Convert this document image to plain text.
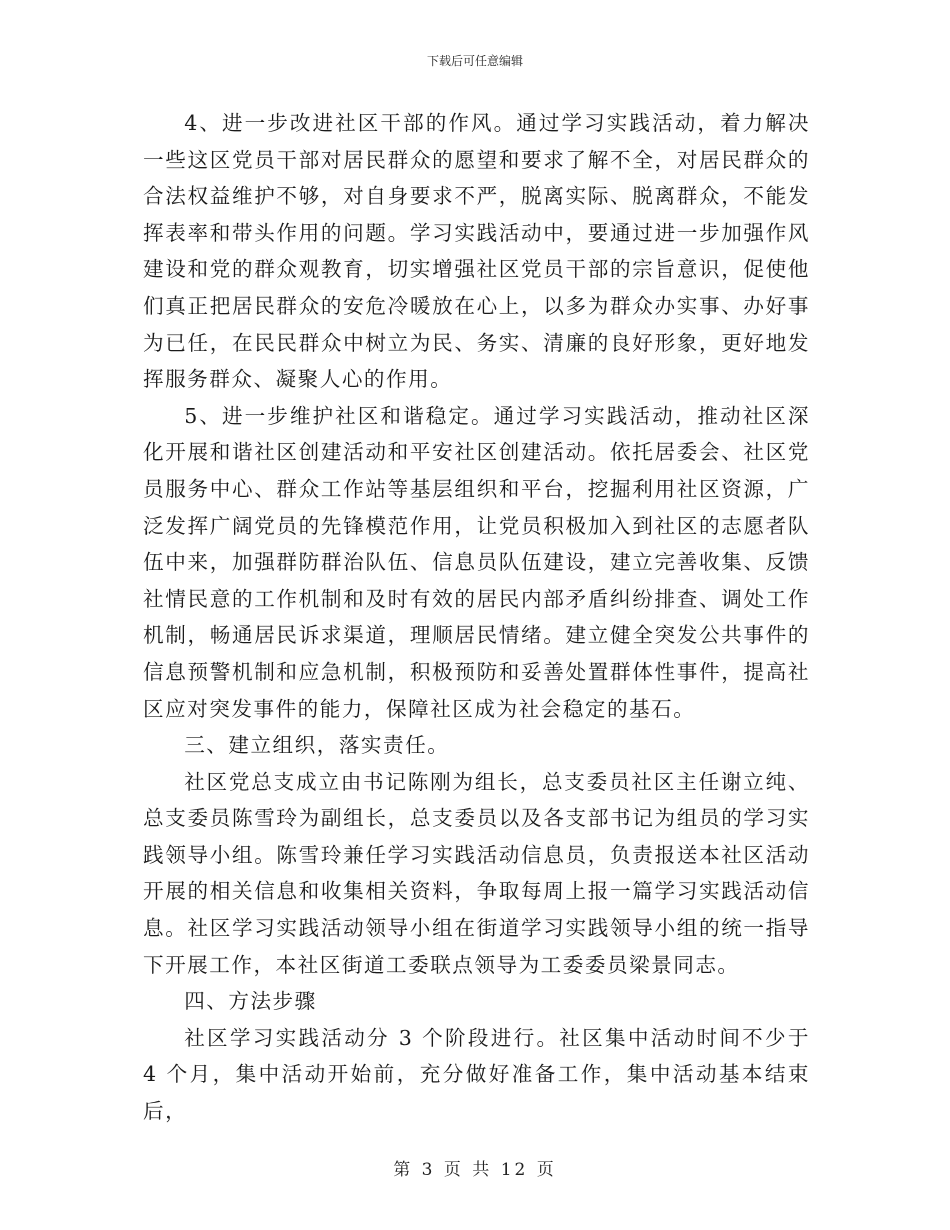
下载后可任意编辑

4、进一步改进社区干部的作风。通过学习实践活动，着力解决一些这区党员干部对居民群众的愿望和要求了解不全，对居民群众的合法权益维护不够，对自身要求不严，脱离实际、脱离群众，不能发挥表率和带头作用的问题。学习实践活动中，要通过进一步加强作风建设和党的群众观教育，切实增强社区党员干部的宗旨意识，促使他们真正把居民群众的安危冷暖放在心上，以多为群众办实事、办好事为已任，在民民群众中树立为民、务实、清廉的良好形象，更好地发挥服务群众、凝聚人心的作用。

5、进一步维护社区和谐稳定。通过学习实践活动，推动社区深化开展和谐社区创建活动和平安社区创建活动。依托居委会、社区党员服务中心、群众工作站等基层组织和平台，挖掘利用社区资源，广泛发挥广阔党员的先锋模范作用，让党员积极加入到社区的志愿者队伍中来，加强群防群治队伍、信息员队伍建设，建立完善收集、反馈社情民意的工作机制和及时有效的居民内部矛盾纠纷排查、调处工作机制，畅通居民诉求渠道，理顺居民情绪。建立健全突发公共事件的信息预警机制和应急机制，积极预防和妥善处置群体性事件，提高社区应对突发事件的能力，保障社区成为社会稳定的基石。

三、建立组织，落实责任。

社区党总支成立由书记陈刚为组长，总支委员社区主任谢立纯、总支委员陈雪玲为副组长，总支委员以及各支部书记为组员的学习实践领导小组。陈雪玲兼任学习实践活动信息员，负责报送本社区活动开展的相关信息和收集相关资料，争取每周上报一篇学习实践活动信息。社区学习实践活动领导小组在街道学习实践领导小组的统一指导下开展工作，本社区街道工委联点领导为工委委员梁景同志。

四、方法步骤

社区学习实践活动分 3 个阶段进行。社区集中活动时间不少于 4 个月，集中活动开始前，充分做好准备工作，集中活动基本结束后，

第 3 页 共 12 页
